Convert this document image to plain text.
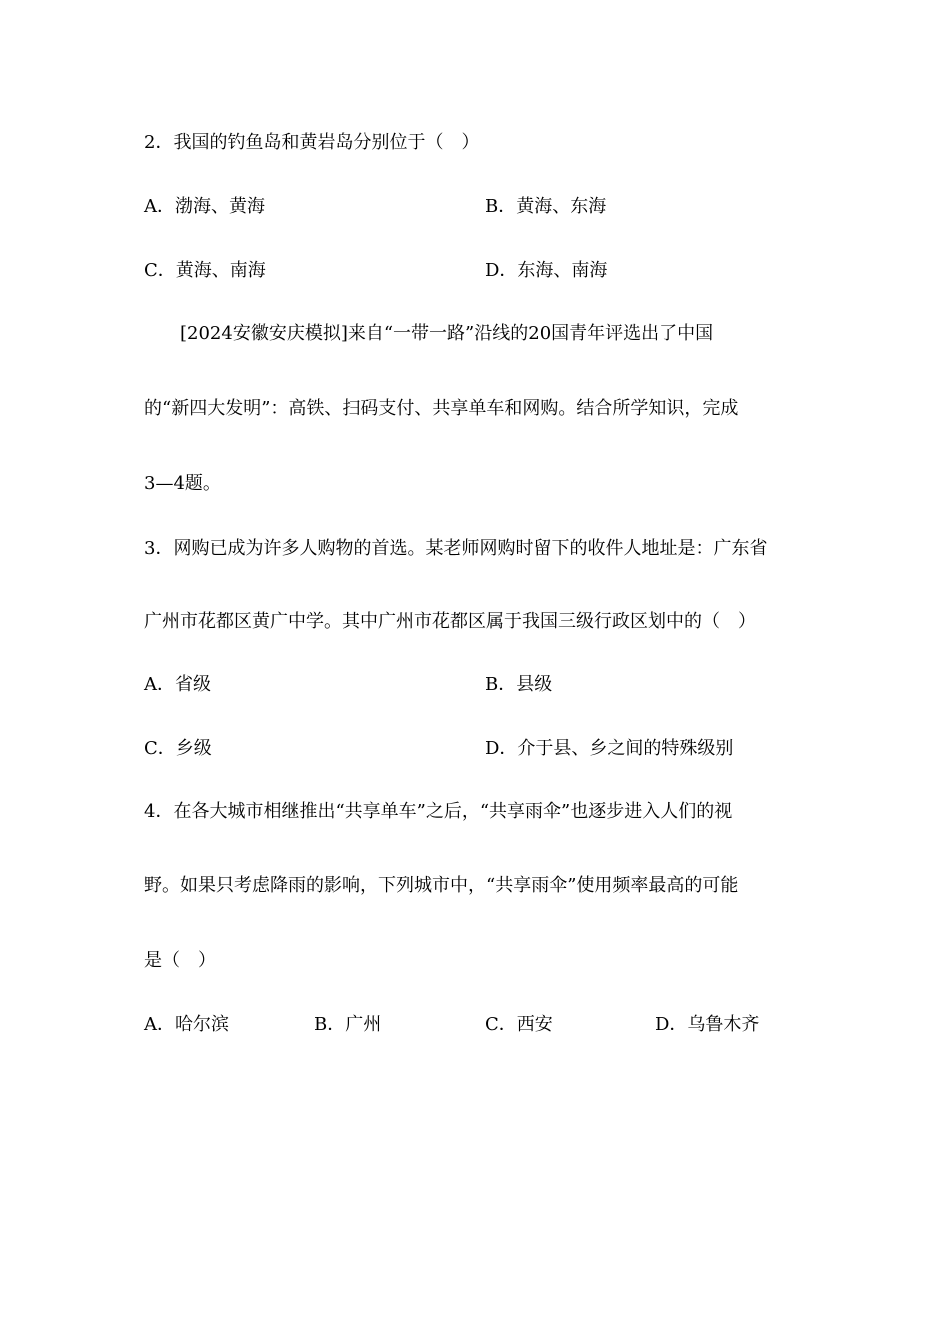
2．我国的钓鱼岛和黄岩岛分别位于（　）
A．渤海、黄海	B．黄海、东海
C．黄海、南海	D．东海、南海
[2024安徽安庆模拟]来自“一带一路”沿线的20国青年评选出了中国
的“新四大发明”：高铁、扫码支付、共享单车和网购。结合所学知识，完成
3—4题。
3．网购已成为许多人购物的首选。某老师网购时留下的收件人地址是：广东省
广州市花都区黄广中学。其中广州市花都区属于我国三级行政区划中的（　）
A．省级	B．县级
C．乡级	D．介于县、乡之间的特殊级别
4．在各大城市相继推出“共享单车”之后，“共享雨伞”也逐步进入人们的视
野。如果只考虑降雨的影响，下列城市中，“共享雨伞”使用频率最高的可能
是（　）
A．哈尔滨	B．广州	C．西安	D．乌鲁木齐
